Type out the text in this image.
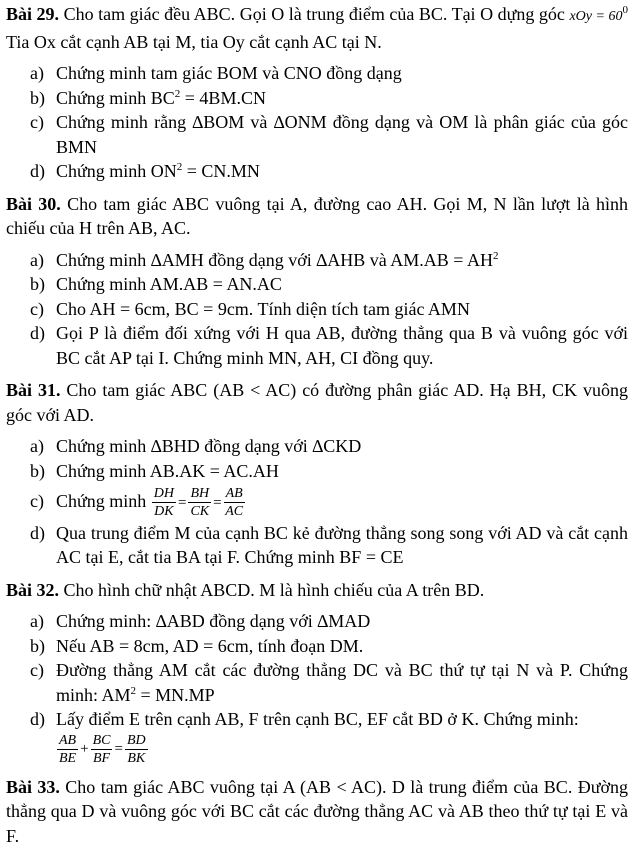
Bài 29. Cho tam giác đều ABC. Gọi O là trung điểm của BC. Tại O dựng góc xOy = $60^0$ Tia Ox cắt cạnh AB tại M, tia Oy cắt cạnh AC tại N.
a) Chứng minh tam giác BOM và CNO đồng dạng
b) Chứng minh $BC^2 = 4BM.CN$
c) Chứng minh rằng ∆BOM và ∆ONM đồng dạng và OM là phân giác của góc BMN
d) Chứng minh $ON^2 = CN.MN$
Bài 30. Cho tam giác ABC vuông tại A, đường cao AH. Gọi M, N lần lượt là hình chiếu của H trên AB, AC.
a) Chứng minh ∆AMH đồng dạng với ∆AHB và $AM.AB = AH^2$
b) Chứng minh AM.AB = AN.AC
c) Cho AH = 6cm, BC = 9cm. Tính diện tích tam giác AMN
d) Gọi P là điểm đối xứng với H qua AB, đường thẳng qua B và vuông góc với BC cắt AP tại I. Chứng minh MN, AH, CI đồng quy.
Bài 31. Cho tam giác ABC (AB < AC) có đường phân giác AD. Hạ BH, CK vuông góc với AD.
a) Chứng minh ∆BHD đồng dạng với ∆CKD
b) Chứng minh AB.AK = AC.AH
c) Chứng minh $\frac{DH}{DK} = \frac{BH}{CK} = \frac{AB}{AC}$
d) Qua trung điểm M của cạnh BC kẻ đường thẳng song song với AD và cắt cạnh AC tại E, cắt tia BA tại F. Chứng minh BF = CE
Bài 32. Cho hình chữ nhật ABCD. M là hình chiếu của A trên BD.
a) Chứng minh: ∆ABD đồng dạng với ∆MAD
b) Nếu AB = 8cm, AD = 6cm, tính đoạn DM.
c) Đường thẳng AM cắt các đường thẳng DC và BC thứ tự tại N và P. Chứng minh: $AM^2 = MN.MP$
d) Lấy điểm E trên cạnh AB, F trên cạnh BC, EF cắt BD ở K. Chứng minh:

$\frac{AB}{BE} + \frac{BC}{BF} = \frac{BD}{BK}$
Bài 33. Cho tam giác ABC vuông tại A (AB < AC). D là trung điểm của BC. Đường thẳng qua D và vuông góc với BC cắt các đường thẳng AC và AB theo thứ tự tại E và F.
